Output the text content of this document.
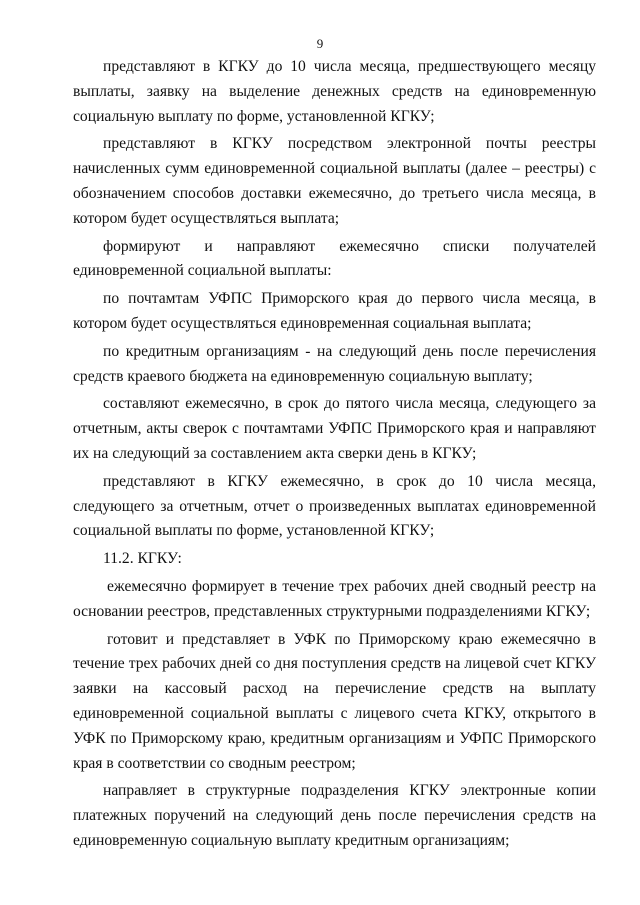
9

представляют в КГКУ до 10 числа месяца, предшествующего месяцу выплаты, заявку на выделение денежных средств на единовременную социальную выплату по форме, установленной КГКУ;

представляют в КГКУ посредством электронной почты реестры начисленных сумм единовременной социальной выплаты (далее – реестры) с обозначением способов доставки ежемесячно, до третьего числа месяца, в котором будет осуществляться выплата;

формируют и направляют ежемесячно списки получателей единовременной социальной выплаты:

по почтамтам УФПС Приморского края до первого числа месяца, в котором будет осуществляться единовременная социальная выплата;

по кредитным организациям - на следующий день после перечисления средств краевого бюджета на единовременную социальную выплату;

составляют ежемесячно, в срок до пятого числа месяца, следующего за отчетным, акты сверок с почтамтами УФПС Приморского края и направляют их на следующий за составлением акта сверки день в КГКУ;

представляют в КГКУ ежемесячно, в срок до 10 числа месяца, следующего за отчетным, отчет о произведенных выплатах единовременной социальной выплаты по форме, установленной КГКУ;

11.2. КГКУ:

ежемесячно формирует в течение трех рабочих дней сводный реестр на основании реестров, представленных структурными подразделениями КГКУ;

готовит и представляет в УФК по Приморскому краю ежемесячно в течение трех рабочих дней со дня поступления средств на лицевой счет КГКУ заявки на кассовый расход на перечисление средств на выплату единовременной социальной выплаты с лицевого счета КГКУ, открытого в УФК по Приморскому краю, кредитным организациям и УФПС Приморского края в соответствии со сводным реестром;

направляет в структурные подразделения КГКУ электронные копии платежных поручений на следующий день после перечисления средств на единовременную социальную выплату кредитным организациям;
